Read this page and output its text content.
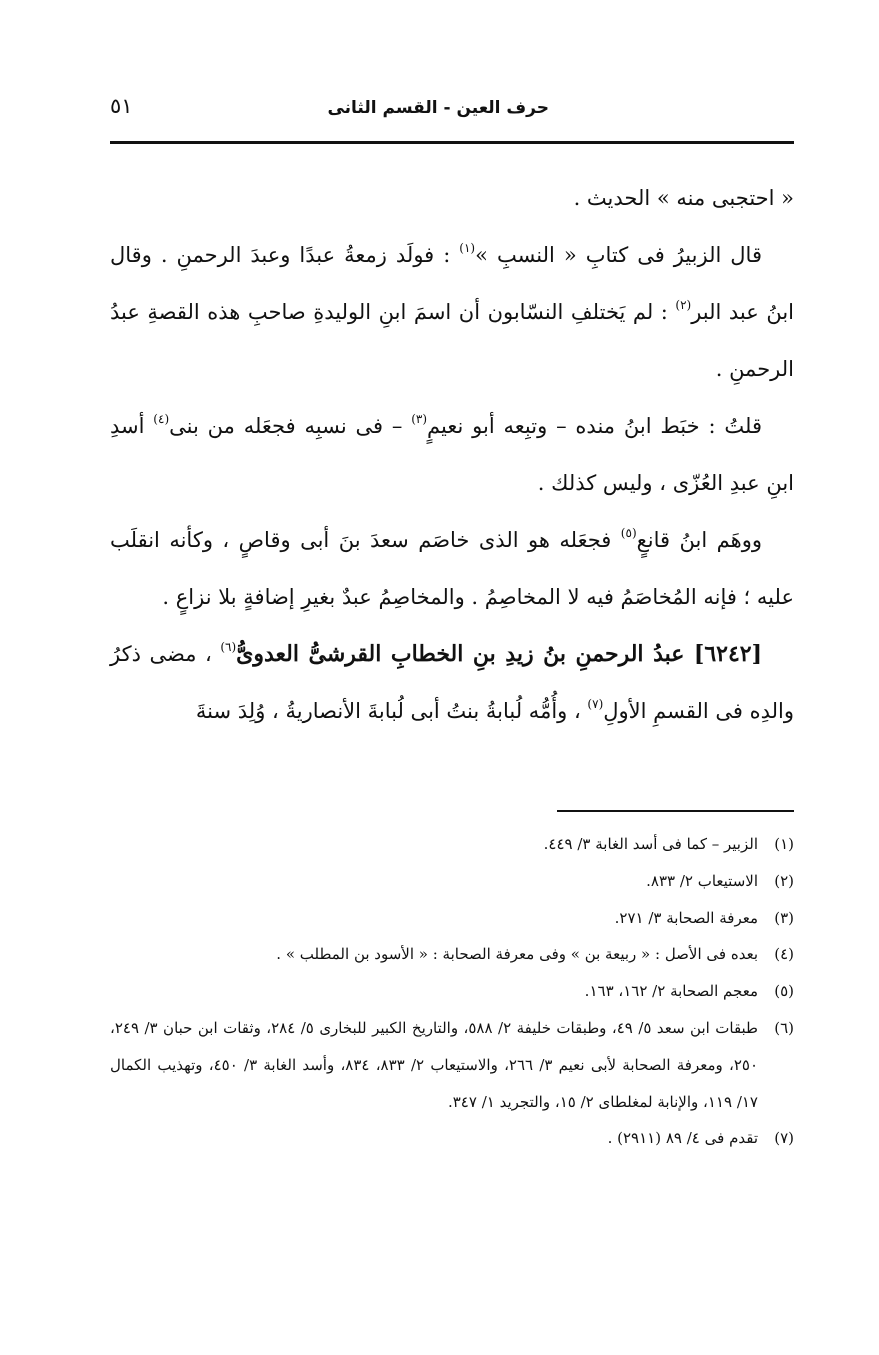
حرف العين - القسم الثانى
٥١

« احتجبى منه » الحديث .

قال الزبيرُ فى كتابِ « النسبِ »$^{(١)}$ : فولَد زمعةُ عبدًا وعبدَ الرحمنِ . وقال ابنُ عبد البر$^{(٢)}$ : لم يَختلفِ النسّابون أن اسمَ ابنِ الوليدةِ صاحبِ هذه القصةِ عبدُ الرحمنِ .

قلتُ : خبَط ابنُ منده – وتبِعه أبو نعيمٍ$^{(٣)}$ – فى نسبِه فجعَله من بنى$^{(٤)}$ أسدِ ابنِ عبدِ العُزّى ، وليس كذلك .

ووهَم ابنُ قانعٍ$^{(٥)}$ فجعَله هو الذى خاصَم سعدَ بنَ أبى وقاصٍ ، وكأنه انقلَب عليه ؛ فإنه المُخاصَمُ فيه لا المخاصِمُ . والمخاصِمُ عبدٌ بغيرِ إضافةٍ بلا نزاعٍ .

[٦٢٤٢] عبدُ الرحمنِ بنُ زيدِ بنِ الخطابِ القرشىُّ العدوىُّ$^{(٦)}$ ، مضى ذكرُ والدِه فى القسمِ الأولِ$^{(٧)}$ ، وأُمُّه لُبابةُ بنتُ أبى لُبابةَ الأنصاريةُ ، وُلِدَ سنةَ

(١)
الزبير – كما فى أسد الغابة ٣/ ٤٤٩.
(٢)
الاستيعاب ٢/ ٨٣٣.
(٣)
معرفة الصحابة ٣/ ٢٧١.
(٤)
بعده فى الأصل : « ربيعة بن » وفى معرفة الصحابة : « الأسود بن المطلب » .
(٥)
معجم الصحابة ٢/ ١٦٢، ١٦٣.
(٦)
طبقات ابن سعد ٥/ ٤٩، وطبقات خليفة ٢/ ٥٨٨، والتاريخ الكبير للبخارى ٥/ ٢٨٤، وثقات ابن حبان ٣/ ٢٤٩، ٢٥٠، ومعرفة الصحابة لأبى نعيم ٣/ ٢٦٦، والاستيعاب ٢/ ٨٣٣، ٨٣٤، وأسد الغابة ٣/ ٤٥٠، وتهذيب الكمال ١٧/ ١١٩، والإنابة لمغلطاى ٢/ ١٥، والتجريد ١/ ٣٤٧.
(٧)
تقدم فى ٤/ ٨٩ (٢٩١١) .
